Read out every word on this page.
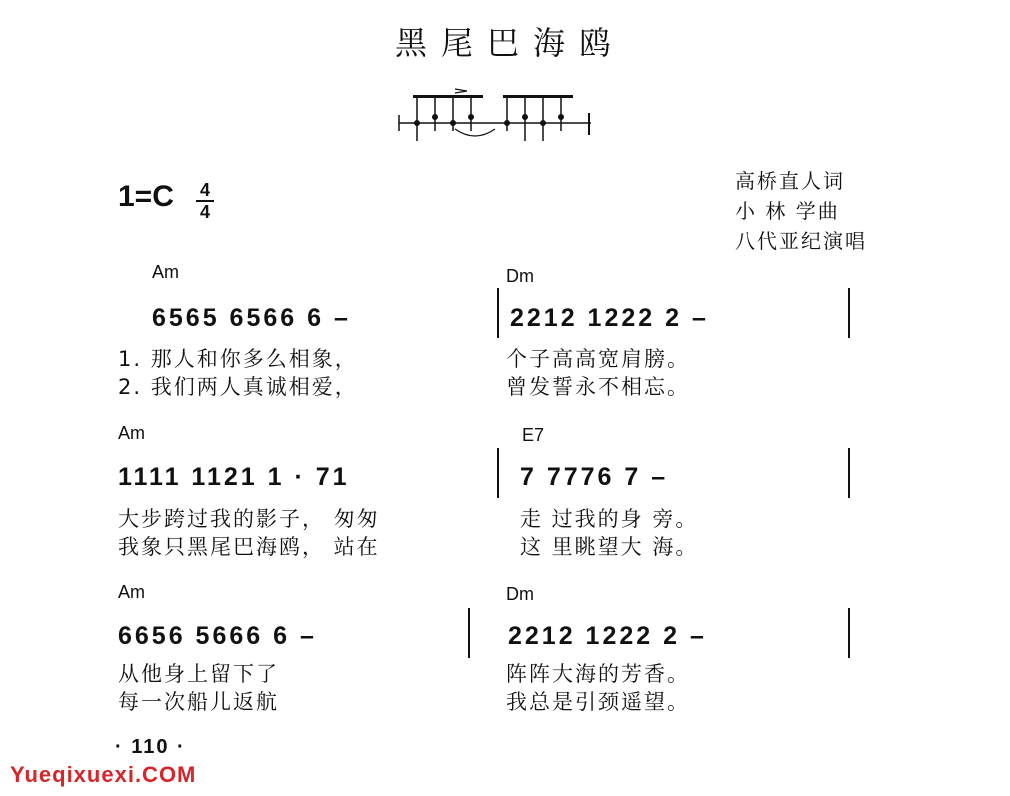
黑尾巴海鸥
1=C 4
4
高桥直人词
小 林 学曲
八代亚纪演唱
Am	Dm
6565 6566 6 –	2212 1222 2 –
1. 那人和你多么相象，	个子高高宽肩膀。
2. 我们两人真诚相爱，	曾发誓永不相忘。
Am	E7
1111 1121 1 · 71	7 7776 7 –
大步跨过我的影子， 匆匆	走 过我的身 旁。
我象只黑尾巴海鸥， 站在	这 里眺望大 海。
Am	Dm
6656 5666 6 –	2212 1222 2 –
从他身上留下了	阵阵大海的芳香。
每一次船儿返航	我总是引颈遥望。
· 110 ·
Yueqixuexi.COM
